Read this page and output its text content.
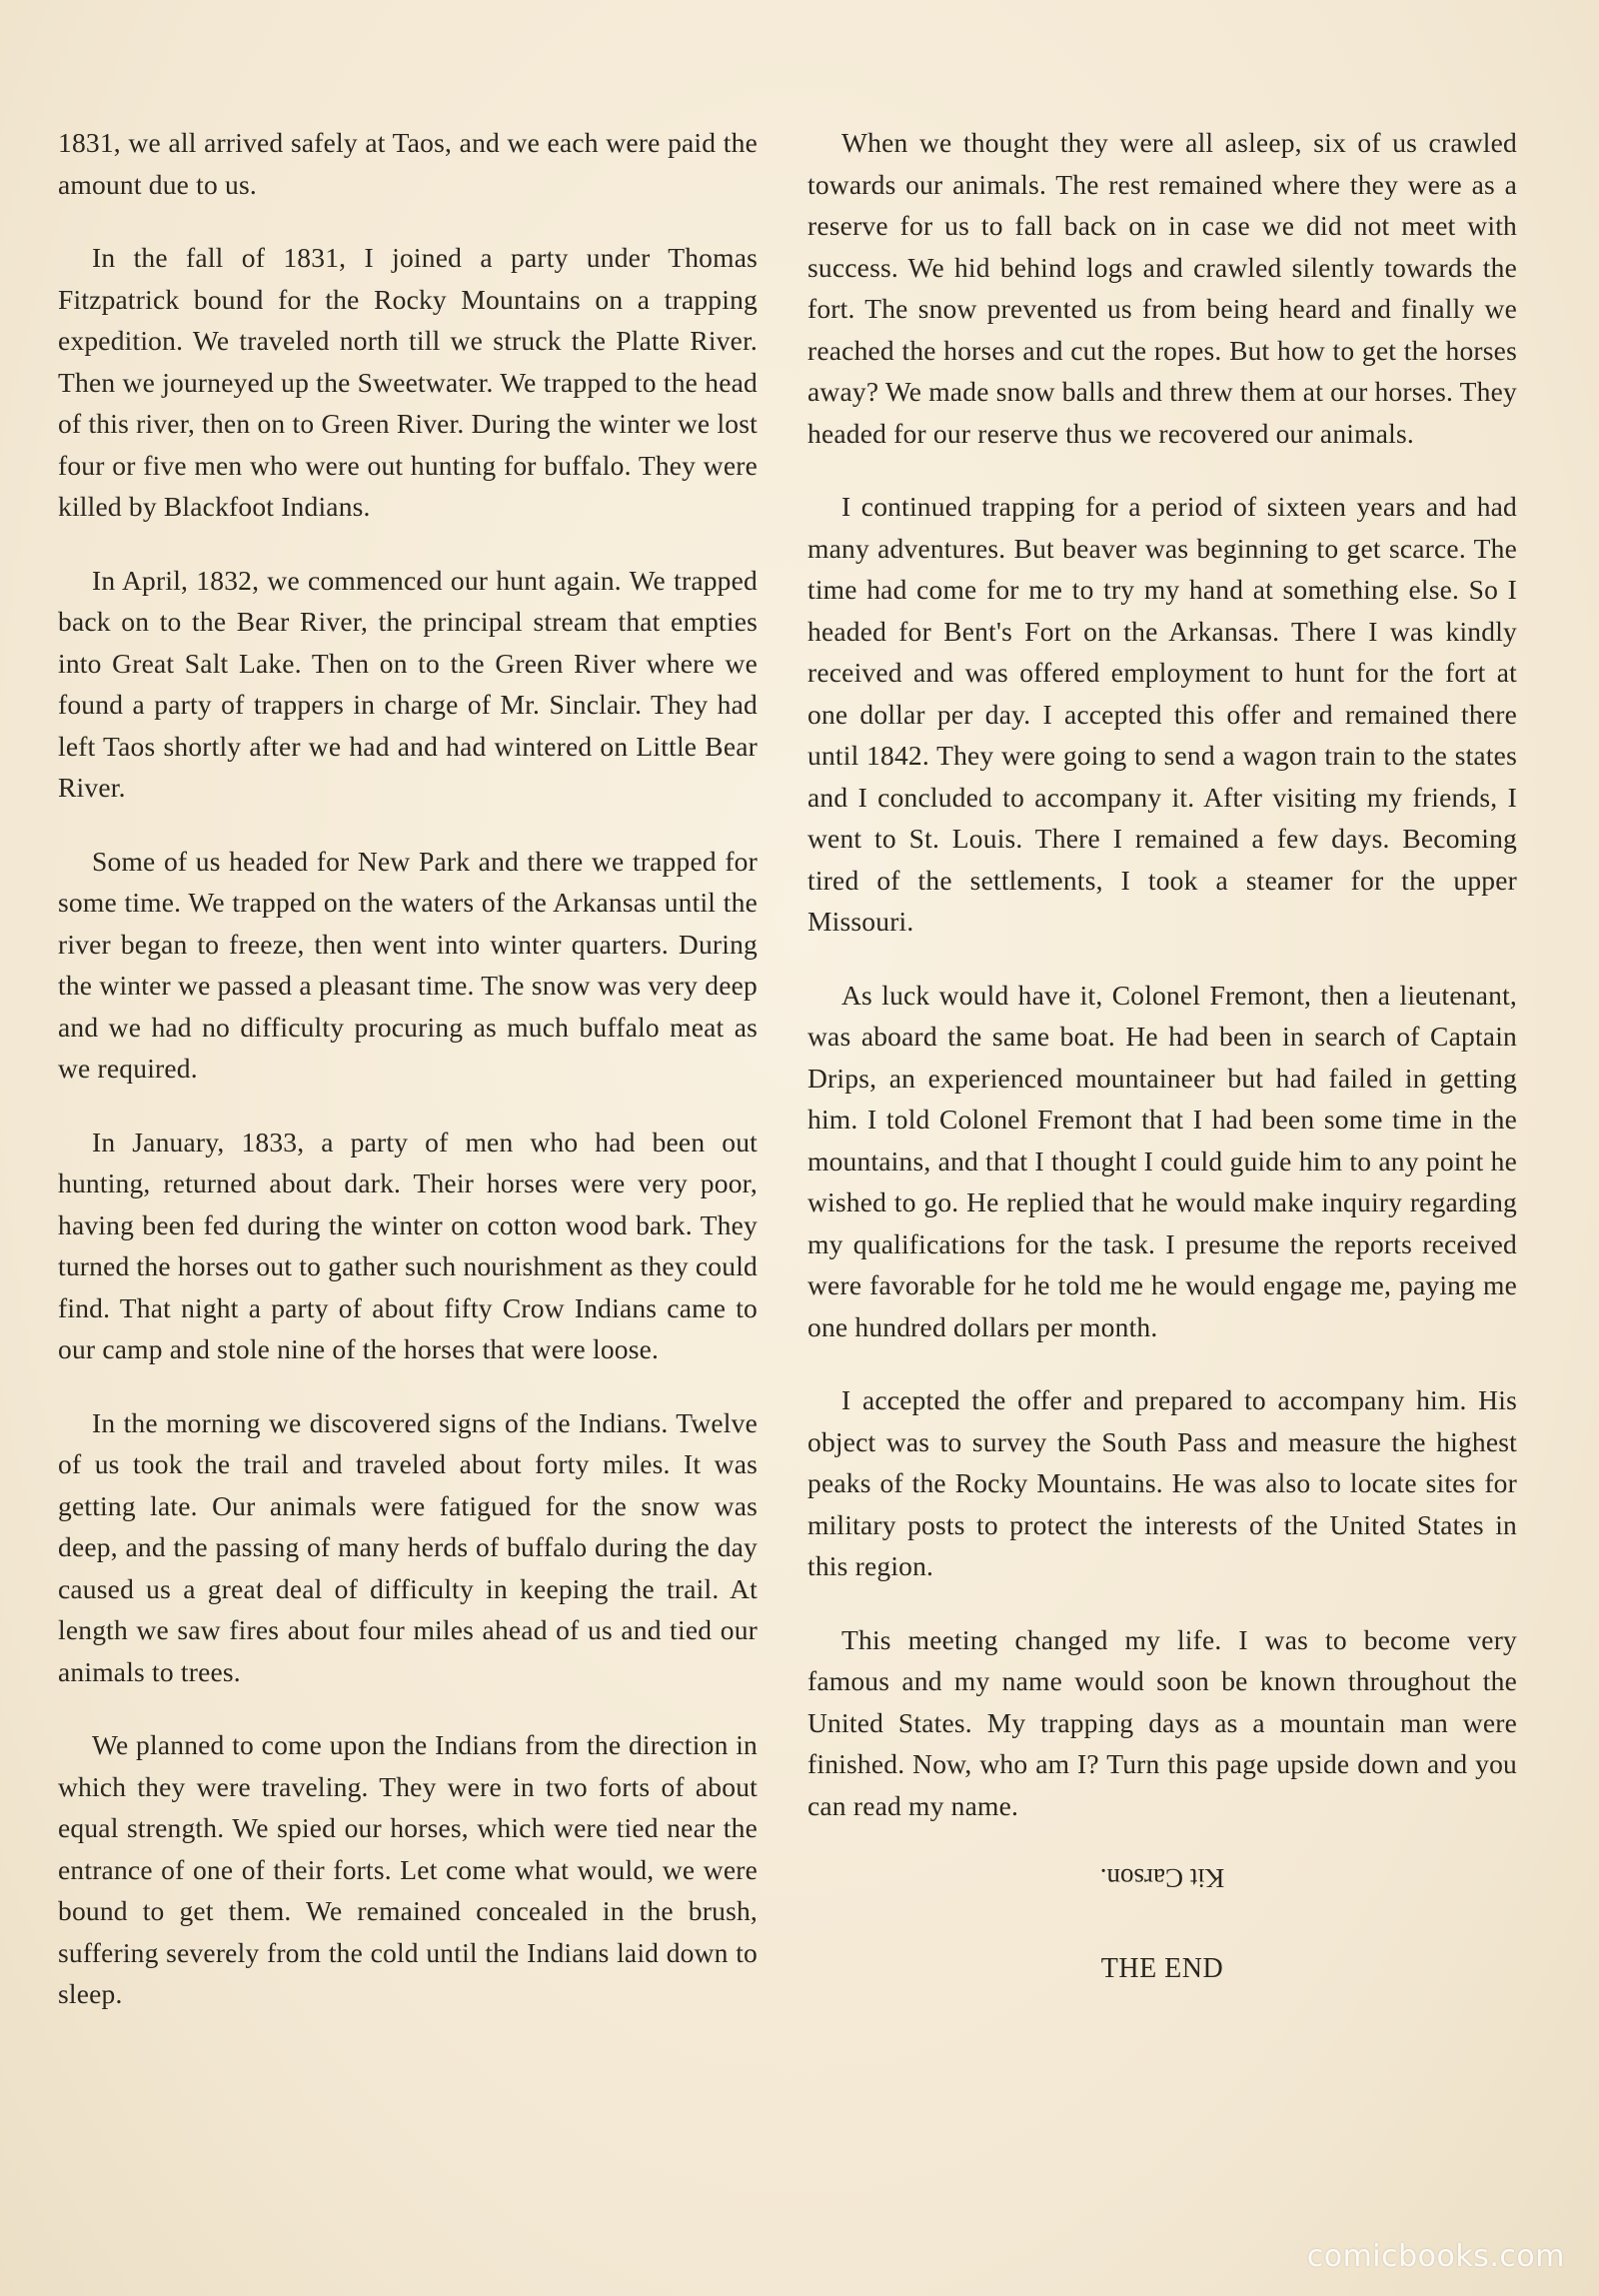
1831, we all arrived safely at Taos, and we each were paid the amount due to us.

In the fall of 1831, I joined a party under Thomas Fitzpatrick bound for the Rocky Mountains on a trapping expedition. We traveled north till we struck the Platte River. Then we journeyed up the Sweetwater. We trapped to the head of this river, then on to Green River. During the winter we lost four or five men who were out hunting for buffalo. They were killed by Blackfoot Indians.

In April, 1832, we commenced our hunt again. We trapped back on to the Bear River, the principal stream that empties into Great Salt Lake. Then on to the Green River where we found a party of trappers in charge of Mr. Sinclair. They had left Taos shortly after we had and had wintered on Little Bear River.

Some of us headed for New Park and there we trapped for some time. We trapped on the waters of the Arkansas until the river began to freeze, then went into winter quarters. During the winter we passed a pleasant time. The snow was very deep and we had no difficulty procuring as much buffalo meat as we required.

In January, 1833, a party of men who had been out hunting, returned about dark. Their horses were very poor, having been fed during the winter on cotton wood bark. They turned the horses out to gather such nourishment as they could find. That night a party of about fifty Crow Indians came to our camp and stole nine of the horses that were loose.

In the morning we discovered signs of the Indians. Twelve of us took the trail and traveled about forty miles. It was getting late. Our animals were fatigued for the snow was deep, and the passing of many herds of buffalo during the day caused us a great deal of difficulty in keeping the trail. At length we saw fires about four miles ahead of us and tied our animals to trees.

We planned to come upon the Indians from the direction in which they were traveling. They were in two forts of about equal strength. We spied our horses, which were tied near the entrance of one of their forts. Let come what would, we were bound to get them. We remained concealed in the brush, suffering severely from the cold until the Indians laid down to sleep.

When we thought they were all asleep, six of us crawled towards our animals. The rest remained where they were as a reserve for us to fall back on in case we did not meet with success. We hid behind logs and crawled silently towards the fort. The snow prevented us from being heard and finally we reached the horses and cut the ropes. But how to get the horses away? We made snow balls and threw them at our horses. They headed for our reserve thus we recovered our animals.

I continued trapping for a period of sixteen years and had many adventures. But beaver was beginning to get scarce. The time had come for me to try my hand at something else. So I headed for Bent's Fort on the Arkansas. There I was kindly received and was offered employment to hunt for the fort at one dollar per day. I accepted this offer and remained there until 1842. They were going to send a wagon train to the states and I concluded to accompany it. After visiting my friends, I went to St. Louis. There I remained a few days. Becoming tired of the settlements, I took a steamer for the upper Missouri.

As luck would have it, Colonel Fremont, then a lieutenant, was aboard the same boat. He had been in search of Captain Drips, an experienced mountaineer but had failed in getting him. I told Colonel Fremont that I had been some time in the mountains, and that I thought I could guide him to any point he wished to go. He replied that he would make inquiry regarding my qualifications for the task. I presume the reports received were favorable for he told me he would engage me, paying me one hundred dollars per month.

I accepted the offer and prepared to accompany him. His object was to survey the South Pass and measure the highest peaks of the Rocky Mountains. He was also to locate sites for military posts to protect the interests of the United States in this region.

This meeting changed my life. I was to become very famous and my name would soon be known throughout the United States. My trapping days as a mountain man were finished. Now, who am I? Turn this page upside down and you can read my name.

Kit Carson.
THE END
comicbooks.com
